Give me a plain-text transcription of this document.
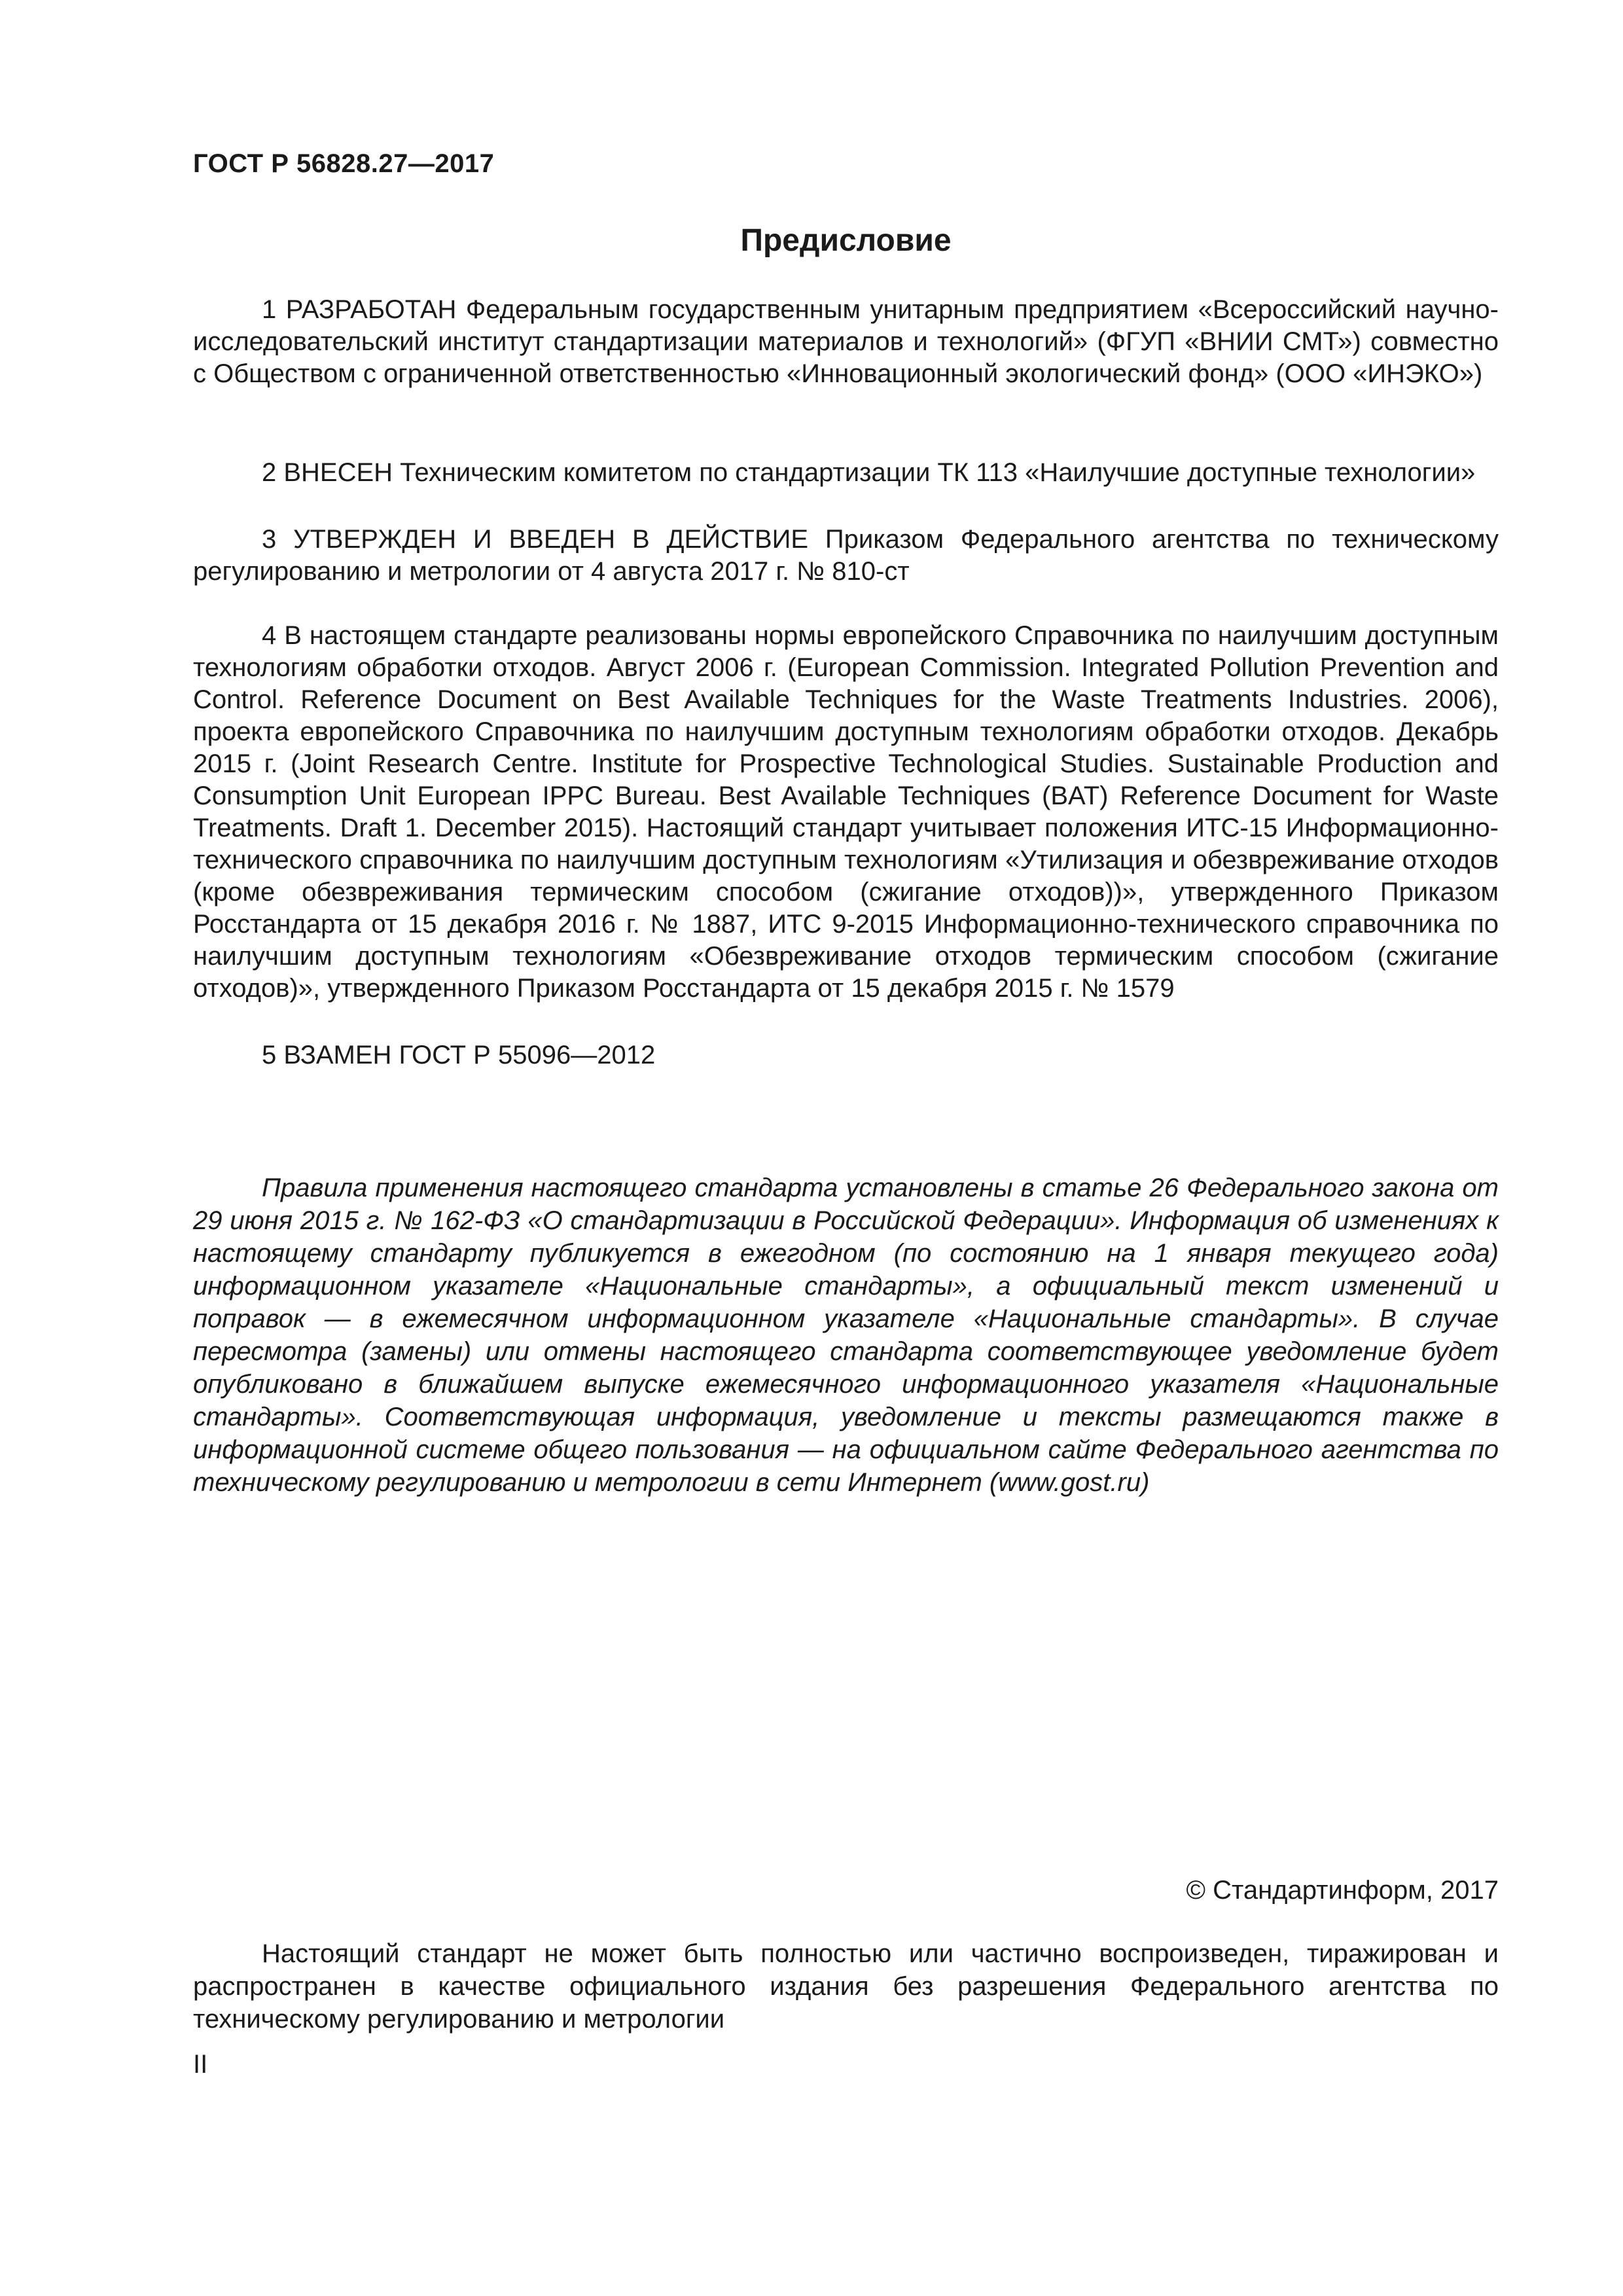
ГОСТ Р 56828.27—2017
Предисловие

1 РАЗРАБОТАН Федеральным государственным унитарным предприятием «Всероссийский научно-исследовательский институт стандартизации материалов и технологий» (ФГУП «ВНИИ СМТ») совместно с Обществом с ограниченной ответственностью «Инновационный экологический фонд» (ООО «ИНЭКО»)

2 ВНЕСЕН Техническим комитетом по стандартизации ТК 113 «Наилучшие доступные технологии»

3 УТВЕРЖДЕН И ВВЕДЕН В ДЕЙСТВИЕ Приказом Федерального агентства по техническому регулированию и метрологии от 4 августа 2017 г. № 810-ст

4 В настоящем стандарте реализованы нормы европейского Справочника по наилучшим доступным технологиям обработки отходов. Август 2006 г. (European Commission. Integrated Pollution Prevention and Control. Reference Document on Best Available Techniques for the Waste Treatments Industries. 2006), проекта европейского Справочника по наилучшим доступным технологиям обработки отходов. Декабрь 2015 г. (Joint Research Centre. Institute for Prospective Technological Studies. Sustainable Production and Consumption Unit European IPPC Bureau. Best Available Techniques (BAT) Reference Document for Waste Treatments. Draft 1. December 2015). Настоящий стандарт учитывает положения ИТС-15 Информационно-технического справочника по наилучшим доступным технологиям «Утилизация и обезвреживание отходов (кроме обезвреживания термическим способом (сжигание отходов))», утвержденного Приказом Росстандарта от 15 декабря 2016 г. № 1887, ИТС 9-2015 Информационно-технического справочника по наилучшим доступным технологиям «Обезвреживание отходов термическим способом (сжигание отходов)», утвержденного Приказом Росстандарта от 15 декабря 2015 г. № 1579

5 ВЗАМЕН ГОСТ Р 55096—2012

Правила применения настоящего стандарта установлены в статье 26 Федерального закона от 29 июня 2015 г. № 162-ФЗ «О стандартизации в Российской Федерации». Информация об изменениях к настоящему стандарту публикуется в ежегодном (по состоянию на 1 января текущего года) информационном указателе «Национальные стандарты», а официальный текст изменений и поправок — в ежемесячном информационном указателе «Национальные стандарты». В случае пересмотра (замены) или отмены настоящего стандарта соответствующее уведомление будет опубликовано в ближайшем выпуске ежемесячного информационного указателя «Национальные стандарты». Соответствующая информация, уведомление и тексты размещаются также в информационной системе общего пользования — на официальном сайте Федерального агентства по техническому регулированию и метрологии в сети Интернет (www.gost.ru)

© Стандартинформ, 2017

Настоящий стандарт не может быть полностью или частично воспроизведен, тиражирован и распространен в качестве официального издания без разрешения Федерального агентства по техническому регулированию и метрологии

II
